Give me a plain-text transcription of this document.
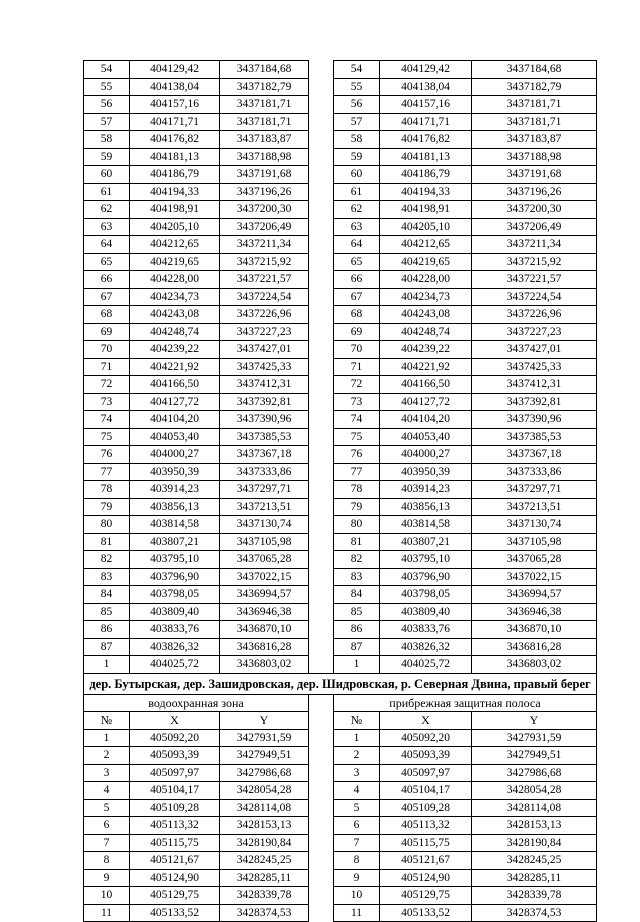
54	404129,42	3437184,68		54	404129,42	3437184,68
55	404138,04	3437182,79		55	404138,04	3437182,79
56	404157,16	3437181,71		56	404157,16	3437181,71
57	404171,71	3437181,71		57	404171,71	3437181,71
58	404176,82	3437183,87		58	404176,82	3437183,87
59	404181,13	3437188,98		59	404181,13	3437188,98
60	404186,79	3437191,68		60	404186,79	3437191,68
61	404194,33	3437196,26		61	404194,33	3437196,26
62	404198,91	3437200,30		62	404198,91	3437200,30
63	404205,10	3437206,49		63	404205,10	3437206,49
64	404212,65	3437211,34		64	404212,65	3437211,34
65	404219,65	3437215,92		65	404219,65	3437215,92
66	404228,00	3437221,57		66	404228,00	3437221,57
67	404234,73	3437224,54		67	404234,73	3437224,54
68	404243,08	3437226,96		68	404243,08	3437226,96
69	404248,74	3437227,23		69	404248,74	3437227,23
70	404239,22	3437427,01		70	404239,22	3437427,01
71	404221,92	3437425,33		71	404221,92	3437425,33
72	404166,50	3437412,31		72	404166,50	3437412,31
73	404127,72	3437392,81		73	404127,72	3437392,81
74	404104,20	3437390,96		74	404104,20	3437390,96
75	404053,40	3437385,53		75	404053,40	3437385,53
76	404000,27	3437367,18		76	404000,27	3437367,18
77	403950,39	3437333,86		77	403950,39	3437333,86
78	403914,23	3437297,71		78	403914,23	3437297,71
79	403856,13	3437213,51		79	403856,13	3437213,51
80	403814,58	3437130,74		80	403814,58	3437130,74
81	403807,21	3437105,98		81	403807,21	3437105,98
82	403795,10	3437065,28		82	403795,10	3437065,28
83	403796,90	3437022,15		83	403796,90	3437022,15
84	403798,05	3436994,57		84	403798,05	3436994,57
85	403809,40	3436946,38		85	403809,40	3436946,38
86	403833,76	3436870,10		86	403833,76	3436870,10
87	403826,32	3436816,28		87	403826,32	3436816,28
1	404025,72	3436803,02		1	404025,72	3436803,02
дер. Бутырская, дер. Зашидровская, дер. Шидровская, р. Северная Двина, правый берег						
водоохранная зона				прибрежная защитная полоса		
№	X	Y		№	X	Y
1	405092,20	3427931,59		1	405092,20	3427931,59
2	405093,39	3427949,51		2	405093,39	3427949,51
3	405097,97	3427986,68		3	405097,97	3427986,68
4	405104,17	3428054,28		4	405104,17	3428054,28
5	405109,28	3428114,08		5	405109,28	3428114,08
6	405113,32	3428153,13		6	405113,32	3428153,13
7	405115,75	3428190,84		7	405115,75	3428190,84
8	405121,67	3428245,25		8	405121,67	3428245,25
9	405124,90	3428285,11		9	405124,90	3428285,11
10	405129,75	3428339,78		10	405129,75	3428339,78
11	405133,52	3428374,53		11	405133,52	3428374,53
